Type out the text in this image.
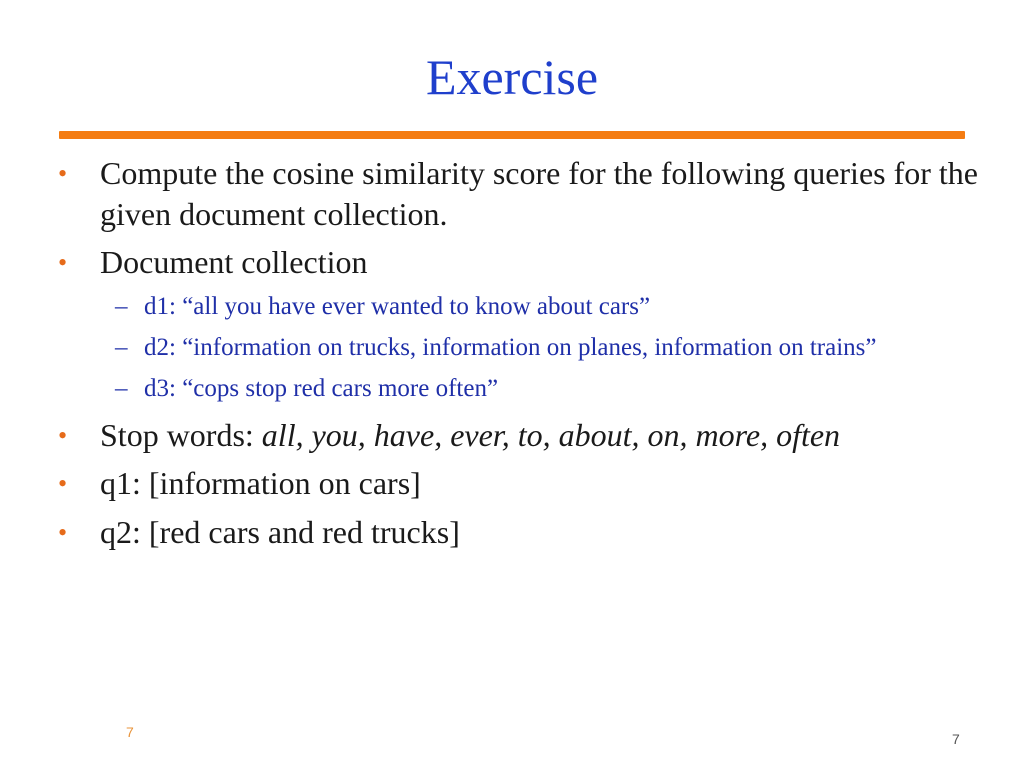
Exercise
• Compute the cosine similarity score for the following queries for the given document collection.
• Document collection
– d1: “all you have ever wanted to know about cars”
– d2: “information on trucks, information on planes, information on trains”
– d3: “cops stop red cars more often”
• Stop words: all, you, have, ever, to, about, on, more, often
• q1: [information on cars]
• q2: [red cars and red trucks]
7	7
